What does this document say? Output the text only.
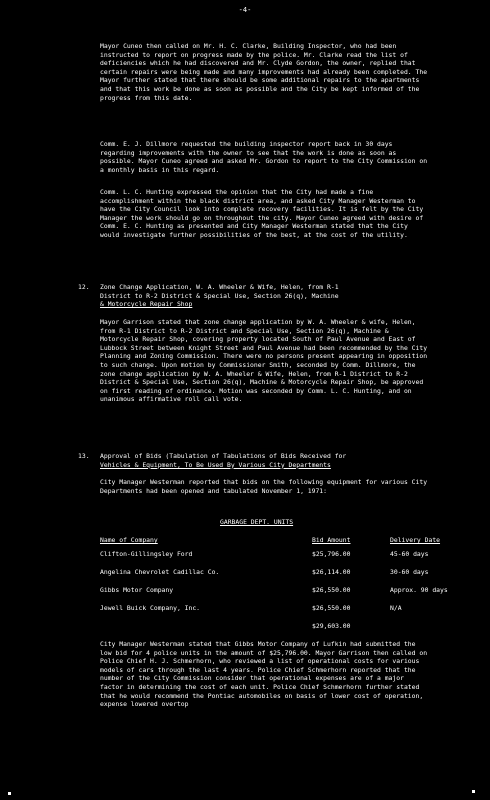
-4-

Mayor Cuneo then called on Mr. H. C. Clarke, Building Inspector, who had been instructed to report on progress made by the police. Mr. Clarke read the list of deficiencies which he had discovered and Mr. Clyde Gordon, the owner, replied that certain repairs were being made and many improvements had already been completed. The Mayor further stated that there should be some additional repairs to the apartments and that this work be done as soon as possible and the City be kept informed of the progress from this date.

Comm. E. J. Dillmore requested the building inspector report back in 30 days regarding improvements with the owner to see that the work is done as soon as possible. Mayor Cuneo agreed and asked Mr. Gordon to report to the City Commission on a monthly basis in this regard.

Comm. L. C. Hunting expressed the opinion that the City had made a fine accomplishment within the black district area, and asked City Manager Westerman to have the City Council look into complete recovery facilities. It is felt by the City Manager the work should go on throughout the city. Mayor Cuneo agreed with desire of Comm. E. C. Hunting as presented and City Manager Westerman stated that the City would investigate further possibilities of the best, at the cost of the utility.

12. Zone Change Application, W. A. Wheeler & Wife, Helen, from R-1
District to R-2 District & Special Use, Section 26(q), Machine
& Motorcycle Repair Shop

Mayor Garrison stated that zone change application by W. A. Wheeler & wife, Helen, from R-1 District to R-2 District and Special Use, Section 26(q), Machine & Motorcycle Repair Shop, covering property located South of Paul Avenue and East of Lubbock Street between Knight Street and Paul Avenue had been recommended by the City Planning and Zoning Commission. There were no persons present appearing in opposition to such change. Upon motion by Commissioner Smith, seconded by Comm. Dillmore, the zone change application by W. A. Wheeler & Wife, Helen, from R-1 District to R-2 District & Special Use, Section 26(q), Machine & Motorcycle Repair Shop, be approved on first reading of ordinance. Motion was seconded by Comm. L. C. Hunting, and on unanimous affirmative roll call vote.

13. Approval of Bids (Tabulation of Tabulations of Bids Received for
Vehicles & Equipment, To Be Used By Various City Departments

City Manager Westerman reported that bids on the following equipment for various City Departments had been opened and tabulated November 1, 1971:

GARBAGE DEPT. UNITS
Name of Company	Bid Amount	Delivery Date
Clifton-Gillingsley Ford	$25,796.00	45-60 days
Angelina Chevrolet Cadillac Co.	$26,114.00	30-60 days
Gibbs Motor Company	$26,550.00	Approx. 90 days
Jewell Buick Company, Inc.	$26,550.00	N/A
	$29,603.00	

City Manager Westerman stated that Gibbs Motor Company of Lufkin had submitted the low bid for 4 police units in the amount of $25,796.00. Mayor Garrison then called on Police Chief H. J. Schmerhorn, who reviewed a list of operational costs for various models of cars through the last 4 years. Police Chief Schmerhorn reported that the number of the City Commission consider that operational expenses are of a major factor in determining the cost of each unit. Police Chief Schmerhorn further stated that he would recommend the Pontiac automobiles on basis of lower cost of operation, expense lowered overtop
